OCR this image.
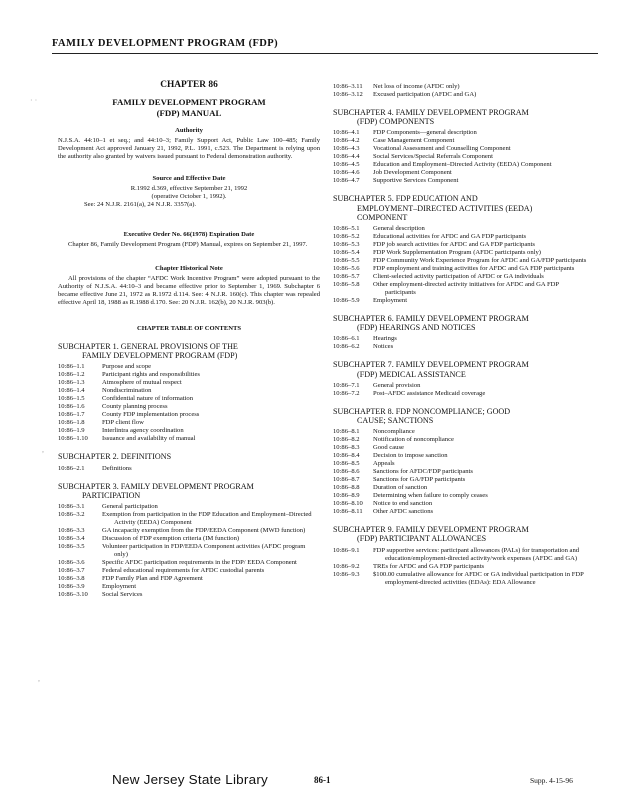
FAMILY DEVELOPMENT PROGRAM (FDP)
· ·
,
,

CHAPTER 86

FAMILY DEVELOPMENT PROGRAM
(FDP) MANUAL

Authority

N.J.S.A. 44:10–1 et seq.; and 44:10–3; Family Support Act, Public Law 100–485; Family Development Act approved January 21, 1992, P.L. 1991, c.523. The Department is relying upon the authority also granted by waivers issued pursuant to Federal demonstration authority.

Source and Effective Date

R.1992 d.369, effective September 21, 1992

(operative October 1, 1992).

See: 24 N.J.R. 2161(a), 24 N.J.R. 3357(a).

Executive Order No. 66(1978) Expiration Date

Chapter 86, Family Development Program (FDP) Manual, expires on September 21, 1997.

Chapter Historical Note

All provisions of the chapter “AFDC Work Incentive Program” were adopted pursuant to the Authority of N.J.S.A. 44:10–3 and became effective prior to September 1, 1969. Subchapter 6 became effective June 21, 1972 as R.1972 d.114. See: 4 N.J.R. 160(c). This chapter was repealed effective April 18, 1988 as R.1988 d.170. See: 20 N.J.R. 162(b), 20 N.J.R. 903(b).

CHAPTER TABLE OF CONTENTS

SUBCHAPTER 1. GENERAL PROVISIONS OF THE
FAMILY DEVELOPMENT PROGRAM (FDP)
10:86–1.1	Purpose and scope
10:86–1.2	Participant rights and responsibilities
10:86–1.3	Atmosphere of mutual respect
10:86–1.4	Nondiscrimination
10:86–1.5	Confidential nature of information
10:86–1.6	County planning process
10:86–1.7	County FDP implementation process
10:86–1.8	FDP client flow
10:86–1.9	Interlintra agency coordination
10:86–1.10	Issuance and availability of manual
SUBCHAPTER 2. DEFINITIONS
10:86–2.1	Definitions
SUBCHAPTER 3. FAMILY DEVELOPMENT PROGRAM
PARTICIPATION
10:86–3.1	General participation
10:86–3.2	Exemption from participation in the FDP Education and Employment–Directed Activity (EEDA) Component
10:86–3.3	GA incapacity exemption from the FDP/EEDA Component (MWD function)
10:86–3.4	Discussion of FDP exemption criteria (IM function)
10:86–3.5	Volunteer participation in FDP/EEDA Component activities (AFDC program only)
10:86–3.6	Specific AFDC participation requirements in the FDP/ EEDA Component
10:86–3.7	Federal educational requirements for AFDC custodial parents
10:86–3.8	FDP Family Plan and FDP Agreement
10:86–3.9	Employment
10:86–3.10	Social Services
10:86–3.11	Net loss of income (AFDC only)
10:86–3.12	Excused participation (AFDC and GA)
SUBCHAPTER 4. FAMILY DEVELOPMENT PROGRAM
(FDP) COMPONENTS
10:86–4.1	FDP Components—general description
10:86–4.2	Case Management Component
10:86–4.3	Vocational Assessment and Counselling Component
10:86–4.4	Social Services/Special Referrals Component
10:86–4.5	Education and Employment–Directed Activity (EEDA) Component
10:86–4.6	Job Development Component
10:86–4.7	Supportive Services Component
SUBCHAPTER 5. FDP EDUCATION AND
EMPLOYMENT–DIRECTED ACTIVITIES (EEDA)
COMPONENT
10:86–5.1	General description
10:86–5.2	Educational activities for AFDC and GA FDP participants
10:86–5.3	FDP job search activities for AFDC and GA FDP participants
10:86–5.4	FDP Work Supplementation Program (AFDC participants only)
10:86–5.5	FDP Community Work Experience Program for AFDC and GA/FDP participants
10:86–5.6	FDP employment and training activities for AFDC and GA FDP participants
10:86–5.7	Client-selected activity participation of AFDC or GA individuals
10:86–5.8	Other employment-directed activity initiatives for AFDC and GA FDP participants
10:86–5.9	Employment
SUBCHAPTER 6. FAMILY DEVELOPMENT PROGRAM
(FDP) HEARINGS AND NOTICES
10:86–6.1	Hearings
10:86–6.2	Notices
SUBCHAPTER 7. FAMILY DEVELOPMENT PROGRAM
(FDP) MEDICAL ASSISTANCE
10:86–7.1	General provision
10:86–7.2	Post–AFDC assistance Medicaid coverage
SUBCHAPTER 8. FDP NONCOMPLIANCE; GOOD
CAUSE; SANCTIONS
10:86–8.1	Noncompliance
10:86–8.2	Notification of noncompliance
10:86–8.3	Good cause
10:86–8.4	Decision to impose sanction
10:86–8.5	Appeals
10:86–8.6	Sanctions for AFDC/FDP participants
10:86–8.7	Sanctions for GA/FDP participants
10:86–8.8	Duration of sanction
10:86–8.9	Determining when failure to comply ceases
10:86–8.10	Notice to end sanction
10:86–8.11	Other AFDC sanctions
SUBCHAPTER 9. FAMILY DEVELOPMENT PROGRAM
(FDP) PARTICIPANT ALLOWANCES
10:86–9.1	FDP supportive services: participant allowances (PALs) for transportation and education/employment-directed activity/work expenses (AFDC and GA)
10:86–9.2	TREs for AFDC and GA FDP participants
10:86–9.3	$100.00 cumulative allowance for AFDC or GA individual participation in FDP employment-directed activities (EDAs): EDA Allowance
New Jersey State Library	86-1	Supp. 4-15-96
